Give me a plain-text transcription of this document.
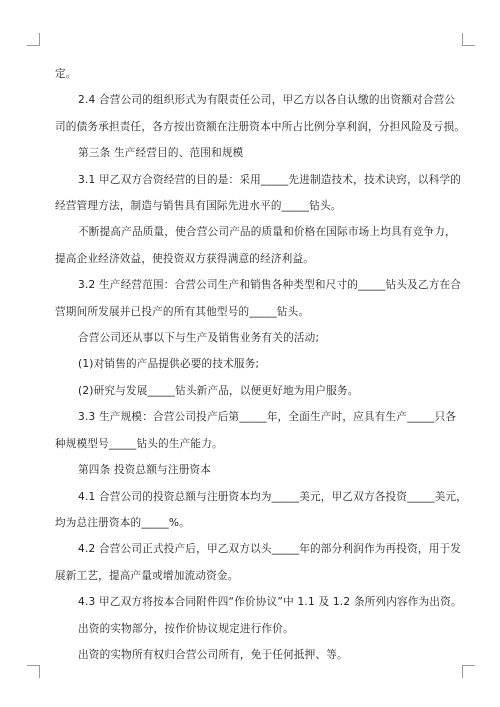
定。

2.4 合营公司的组织形式为有限责任公司，甲乙方以各自认缴的出资额对合营公

司的债务承担责任，各方按出资额在注册资本中所占比例分享利润，分担风险及亏损。

第三条 生产经营目的、范围和规模

3.1 甲乙双方合资经营的目的是：采用_____先进制造技术，技术诀窍，以科学的

经营管理方法，制造与销售具有国际先进水平的_____钻头。

不断提高产品质量，使合营公司产品的质量和价格在国际市场上均具有竞争力，

提高企业经济效益，使投资双方获得满意的经济利益。

3.2 生产经营范围：合营公司生产和销售各种类型和尺寸的_____钻头及乙方在合

营期间所发展并已投产的所有其他型号的_____钻头。

合营公司还从事以下与生产及销售业务有关的活动;

(1)对销售的产品提供必要的技术服务;

(2)研究与发展_____钻头新产品，以便更好地为用户服务。

3.3 生产规模：合营公司投产后第_____年，全面生产时，应具有生产_____只各

种规模型号_____钻头的生产能力。

第四条 投资总额与注册资本

4.1 合营公司的投资总额与注册资本均为_____美元，甲乙双方各投资_____美元，

均为总注册资本的_____%。

4.2 合营公司正式投产后，甲乙双方以头_____年的部分利润作为再投资，用于发

展新工艺，提高产量或增加流动资金。

4.3 甲乙双方将按本合同附件四“作价协议”中 1.1 及 1.2 条所列内容作为出资。

出资的实物部分，按作价协议规定进行作价。

出资的实物所有权归合营公司所有，免于任何抵押、等。
